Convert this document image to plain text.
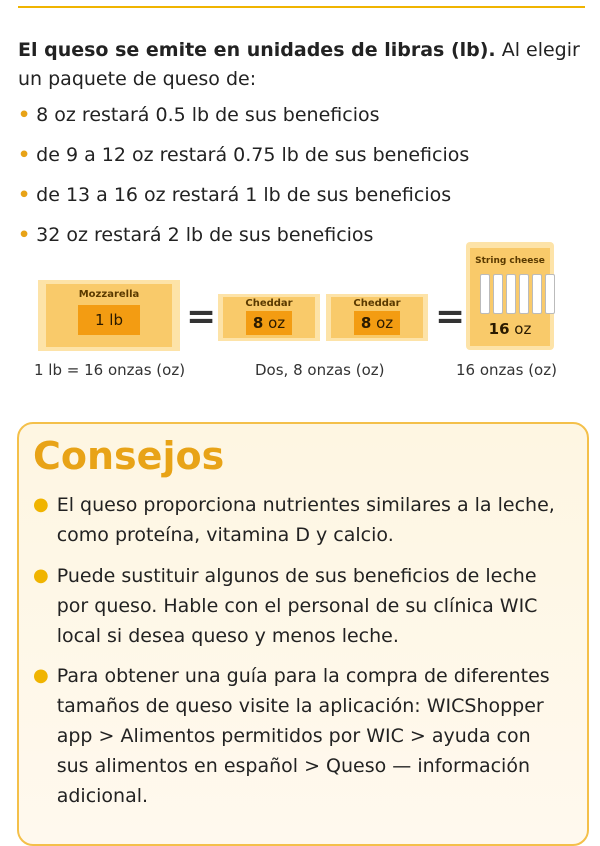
El queso se emite en unidades de libras (lb). Al elegir un paquete de queso de:
• 8 oz restará 0.5 lb de sus beneficios
• de 9 a 12 oz restará 0.75 lb de sus beneficios
• de 13 a 16 oz restará 1 lb de sus beneficios
• 32 oz restará 2 lb de sus beneficios
Mozzarella
1 lb
1 lb = 16 onzas (oz)
=	Cheddar
8 oz
Cheddar
8 oz
Dos, 8 onzas (oz)
=
String cheese
16 oz
16 onzas (oz)
Consejos
● El queso proporciona nutrientes similares a la leche, como proteína, vitamina D y calcio.
● Puede sustituir algunos de sus beneficios de leche por queso. Hable con el personal de su clínica WIC local si desea queso y menos leche.
● Para obtener una guía para la compra de diferentes tamaños de queso visite la aplicación: WICShopper app > Alimentos permitidos por WIC > ayuda con sus alimentos en español > Queso — información adicional.
